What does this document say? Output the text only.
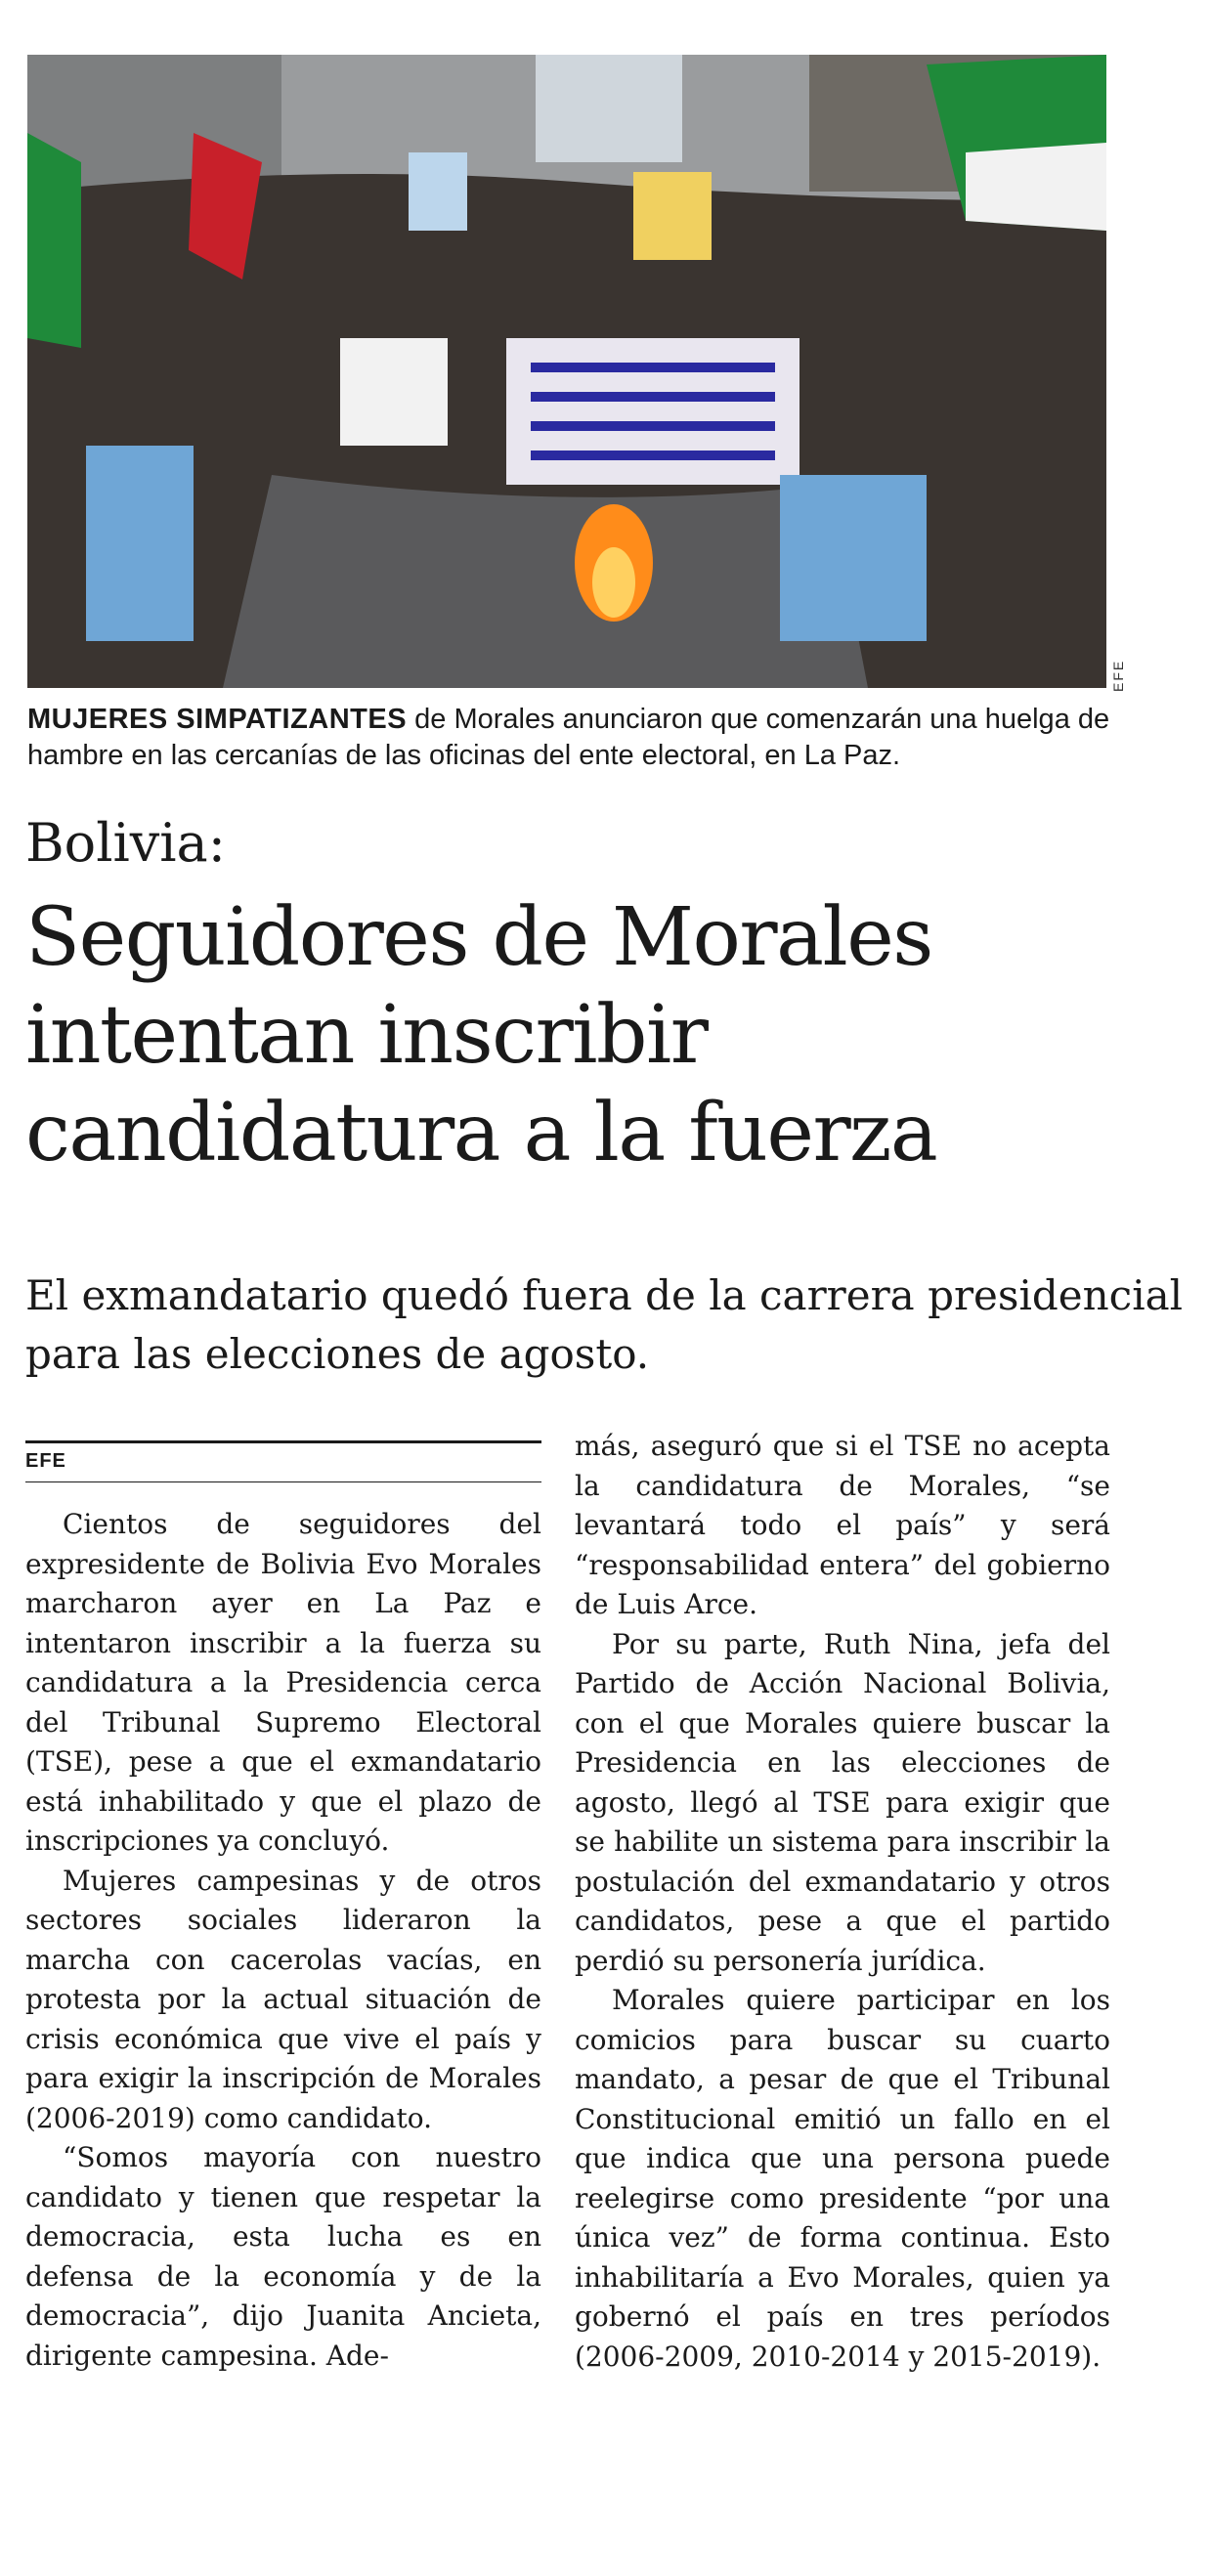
EFE
MUJERES SIMPATIZANTES de Morales anunciaron que comenzarán una huelga de hambre en las cercanías de las oficinas del ente electoral, en La Paz.
Bolivia:
Seguidores de Morales intentan inscribir candidatura a la fuerza
El exmandatario quedó fuera de la carrera presidencial para las elecciones de agosto.
EFE

Cientos de seguidores del expresidente de Bolivia Evo Morales marcharon ayer en La Paz e intentaron inscribir a la fuerza su candidatura a la Presidencia cerca del Tribunal Supremo Electoral (TSE), pese a que el exmandatario está inhabilitado y que el plazo de inscripciones ya concluyó.

Mujeres campesinas y de otros sectores sociales lideraron la marcha con cacerolas vacías, en protesta por la actual situación de crisis económica que vive el país y para exigir la inscripción de Morales (2006-2019) como candidato.

“Somos mayoría con nuestro candidato y tienen que respetar la democracia, esta lucha es en defensa de la economía y de la democracia”, dijo Juanita Ancieta, dirigente campesina. Ade-

más, aseguró que si el TSE no acepta la candidatura de Morales, “se levantará todo el país” y será “responsabilidad entera” del gobierno de Luis Arce.

Por su parte, Ruth Nina, jefa del Partido de Acción Nacional Bolivia, con el que Morales quiere buscar la Presidencia en las elecciones de agosto, llegó al TSE para exigir que se habilite un sistema para inscribir la postulación del exmandatario y otros candidatos, pese a que el partido perdió su personería jurídica.

Morales quiere participar en los comicios para buscar su cuarto mandato, a pesar de que el Tribunal Constitucional emitió un fallo en el que indica que una persona puede reelegirse como presidente “por una única vez” de forma continua. Esto inhabilitaría a Evo Morales, quien ya gobernó el país en tres períodos (2006-2009, 2010-2014 y 2015-2019).
